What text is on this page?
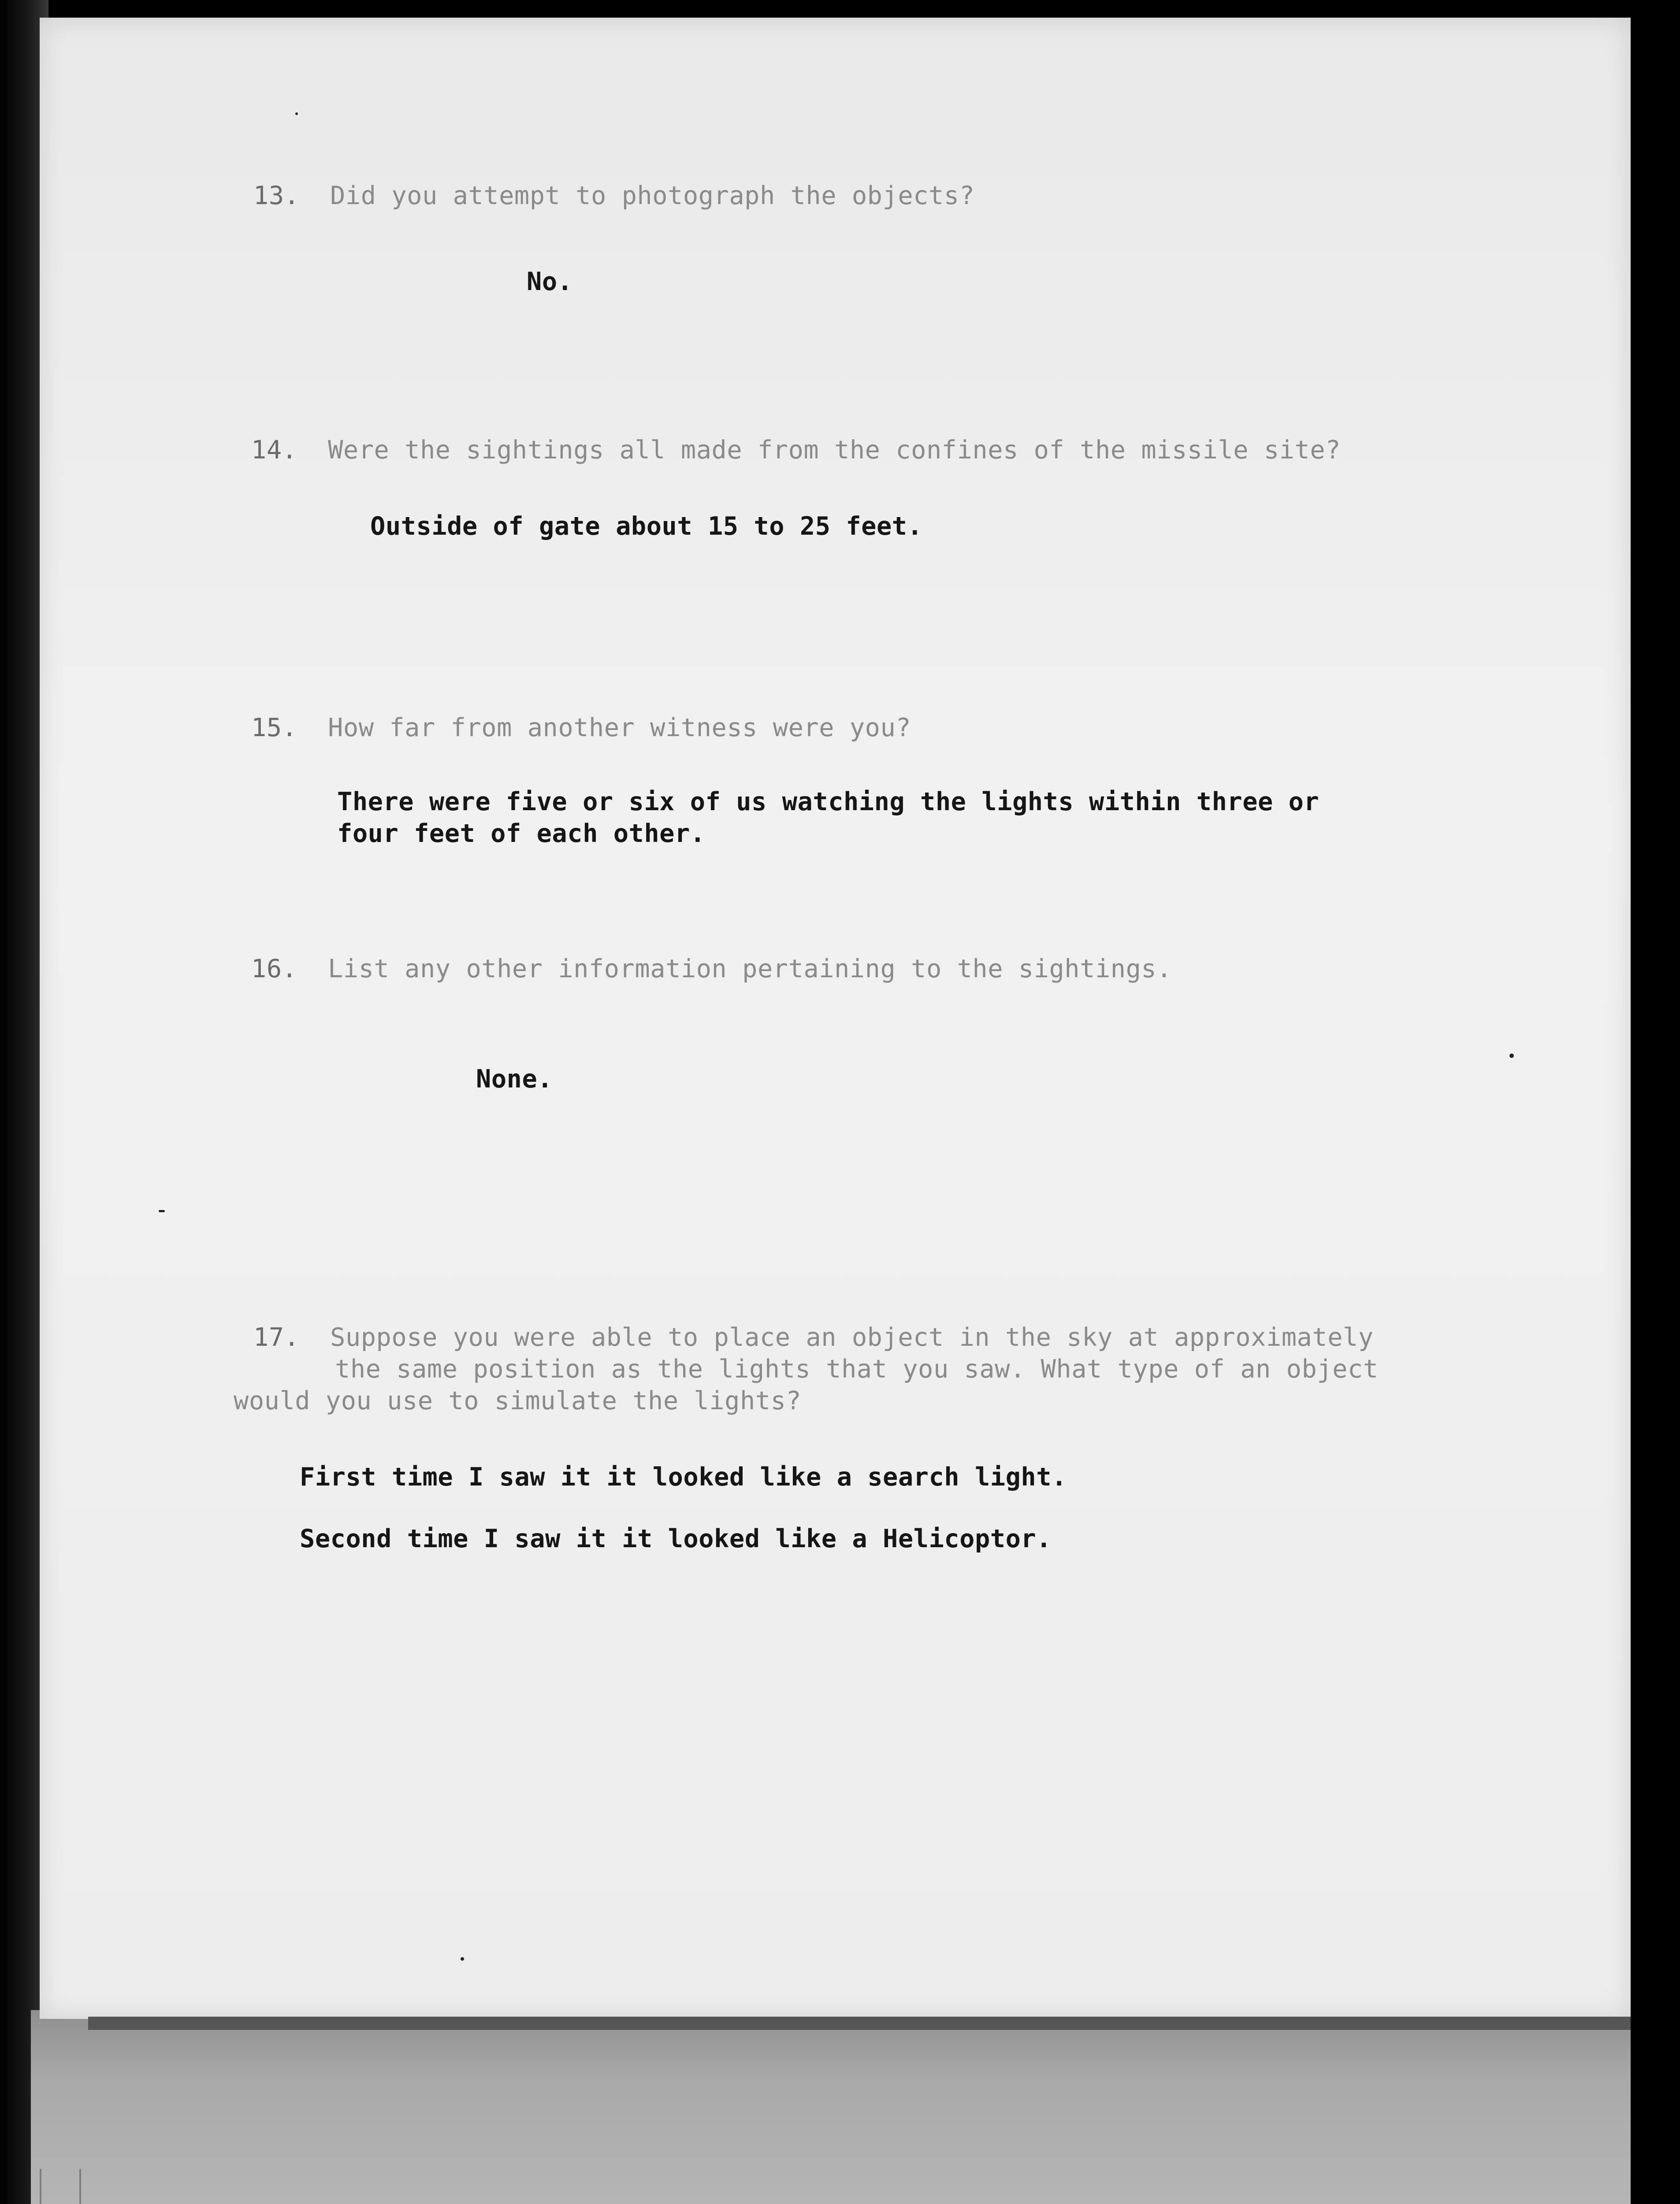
13. Did you attempt to photograph the objects?

No.

14. Were the sightings all made from the confines of the missile site?

Outside of gate about 15 to 25 feet.

15. How far from another witness were you?

There were five or six of us watching the lights within three or

four feet of each other.

16. List any other information pertaining to the sightings.

None.

17. Suppose you were able to place an object in the sky at approximately

the same position as the lights that you saw. What type of an object

would you use to simulate the lights?

First time I saw it it looked like a search light.

Second time I saw it it looked like a Helicoptor.
